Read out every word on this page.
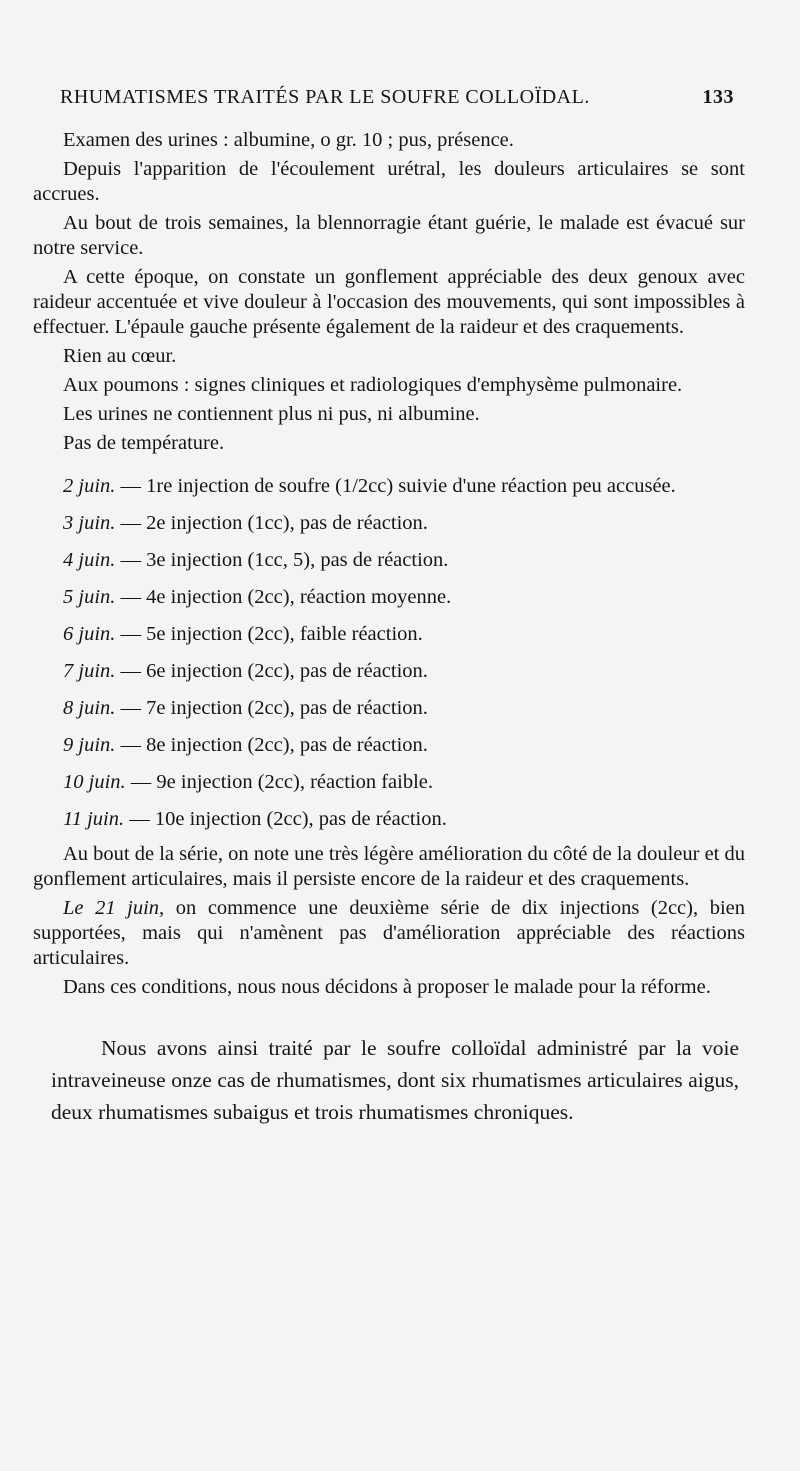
RHUMATISMES TRAITÉS PAR LE SOUFRE COLLOÏDAL.	133

Examen des urines : albumine, o gr. 10 ; pus, présence.

Depuis l'apparition de l'écoulement urétral, les douleurs articulaires se sont accrues.

Au bout de trois semaines, la blennorragie étant guérie, le malade est évacué sur notre service.

A cette époque, on constate un gonflement appréciable des deux genoux avec raideur accentuée et vive douleur à l'occasion des mouvements, qui sont impossibles à effectuer. L'épaule gauche présente également de la raideur et des craquements.

Rien au cœur.

Aux poumons : signes cliniques et radiologiques d'emphysème pulmonaire.

Les urines ne contiennent plus ni pus, ni albumine.

Pas de température.

2 juin. — 1re injection de soufre (1/2cc) suivie d'une réaction peu accusée.

3 juin. — 2e injection (1cc), pas de réaction.

4 juin. — 3e injection (1cc, 5), pas de réaction.

5 juin. — 4e injection (2cc), réaction moyenne.

6 juin. — 5e injection (2cc), faible réaction.

7 juin. — 6e injection (2cc), pas de réaction.

8 juin. — 7e injection (2cc), pas de réaction.

9 juin. — 8e injection (2cc), pas de réaction.

10 juin. — 9e injection (2cc), réaction faible.

11 juin. — 10e injection (2cc), pas de réaction.

Au bout de la série, on note une très légère amélioration du côté de la douleur et du gonflement articulaires, mais il persiste encore de la raideur et des craquements.

Le 21 juin, on commence une deuxième série de dix injections (2cc), bien supportées, mais qui n'amènent pas d'amélioration appréciable des réactions articulaires.

Dans ces conditions, nous nous décidons à proposer le malade pour la réforme.

Nous avons ainsi traité par le soufre colloïdal administré par la voie intraveineuse onze cas de rhumatismes, dont six rhumatismes articulaires aigus, deux rhumatismes subaigus et trois rhumatismes chroniques.
